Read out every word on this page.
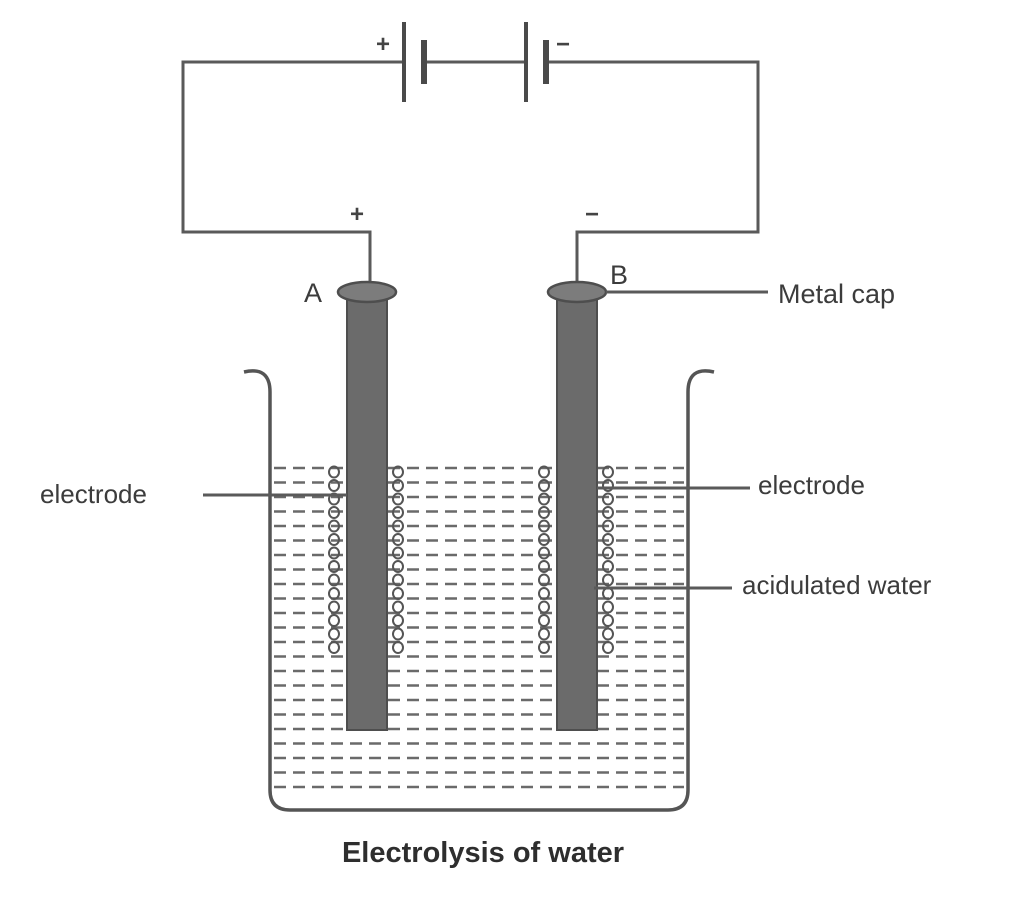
+	−
+	−
A
B
Metal cap
electrode	electrode
acidulated water
Electrolysis of water
